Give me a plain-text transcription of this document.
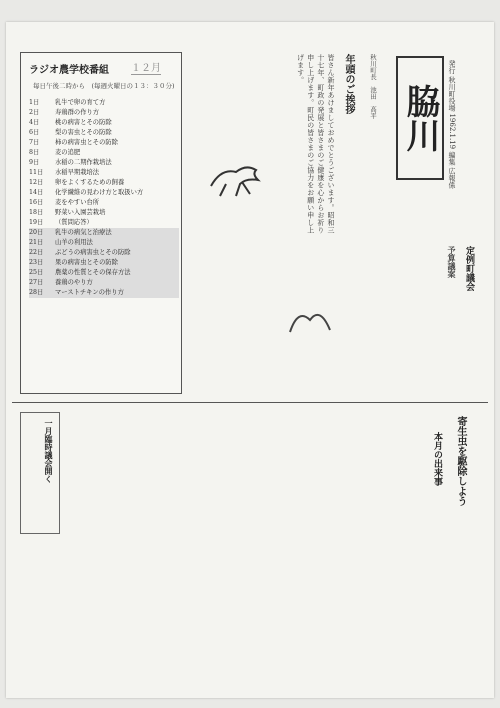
脇川
発行 秋川町役場 1962.1.19 編集 広報係
年頭のご挨拶	秋川町長　池田　高平
皆さん新年あけましておめでとうございます。昭和三十七年、町政の発展と皆さまのご健康を心からお祈り申し上げます。町民の皆さまのご協力をお願い申し上げます。
ラジオ農学校番組 １２月
毎日午後二時から　(毎週火曜日の１３：３０分)
1日	乳牛で卵の育て方
2日	寿鶏群の作り方
4日	桃の病害とその防除
6日	梨の害虫とその防除
7日	柿の病害虫とその防除
8日	麦の追肥
9日	水稲の二期作栽培法
11日	水稲早期栽培法
12日	卵をよくするための飼養
14日	化学繊維の見わけ方と取扱い方
16日	麦をやすい台所
18日	野菜い入園芸栽培
19日	（質問応答）
20日	乳牛の病気と治療法
21日	山羊の利用法
22日	ぶどうの病害虫とその防除
23日	果の病害虫とその防除
25日	農薬の性質とその保存方法
27日	養鶏のやり方
28日	マーストチキンの作り方
定例町議会
予算議案
一月臨時議会開く	寄生虫を駆除しよう
本月の出来事
